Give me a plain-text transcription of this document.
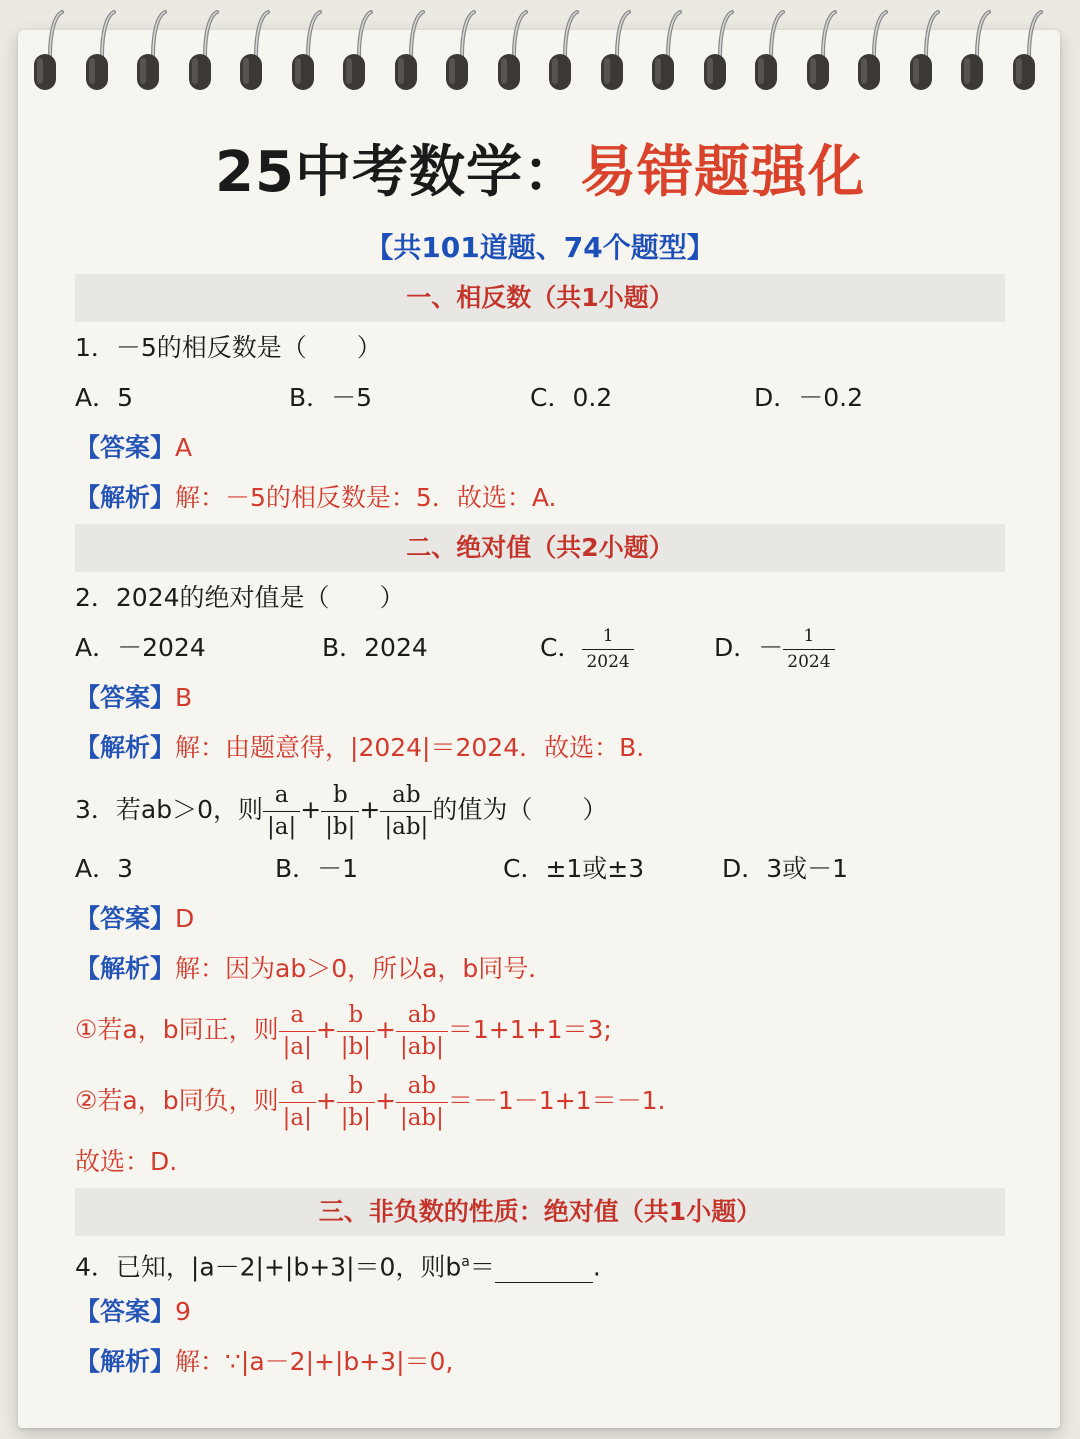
25中考数学：易错题强化
【共101道题、74个题型】
一、相反数（共1小题）
1．－5的相反数是（　　）
A．5	B．－5	C．0.2	D．－0.2
【答案】A
【解析】解：－5的相反数是：5．故选：A.
二、绝对值（共2小题）
2．2024的绝对值是（　　）
A．－2024	B．2024	C． $\frac{1}{2024}$	D．－ $\frac{1}{2024}$
【答案】B
【解析】解：由题意得，|2024|＝2024．故选：B.
3．若ab＞0，则 $\frac{a}{|a|} + \frac{b}{|b|} + \frac{ab}{|ab|}$ 的值为（　　）
A．3	B．－1	C．±1或±3	D．3或－1
【答案】D
【解析】解：因为ab＞0，所以a，b同号．
①若a，b同正，则 $\frac{a}{|a|} + \frac{b}{|b|} + \frac{ab}{|ab|} =1+1+1=3$;
②若a，b同负，则 $\frac{a}{|a|} + \frac{b}{|b|} + \frac{ab}{|ab|} =-1-1+1=-1$.
故选：D.
三、非负数的性质：绝对值（共1小题）
4．已知，|a－2|+|b+3|＝0，则$b^a=$	.
【答案】9
【解析】解：∵|a－2|+|b+3|＝0,
